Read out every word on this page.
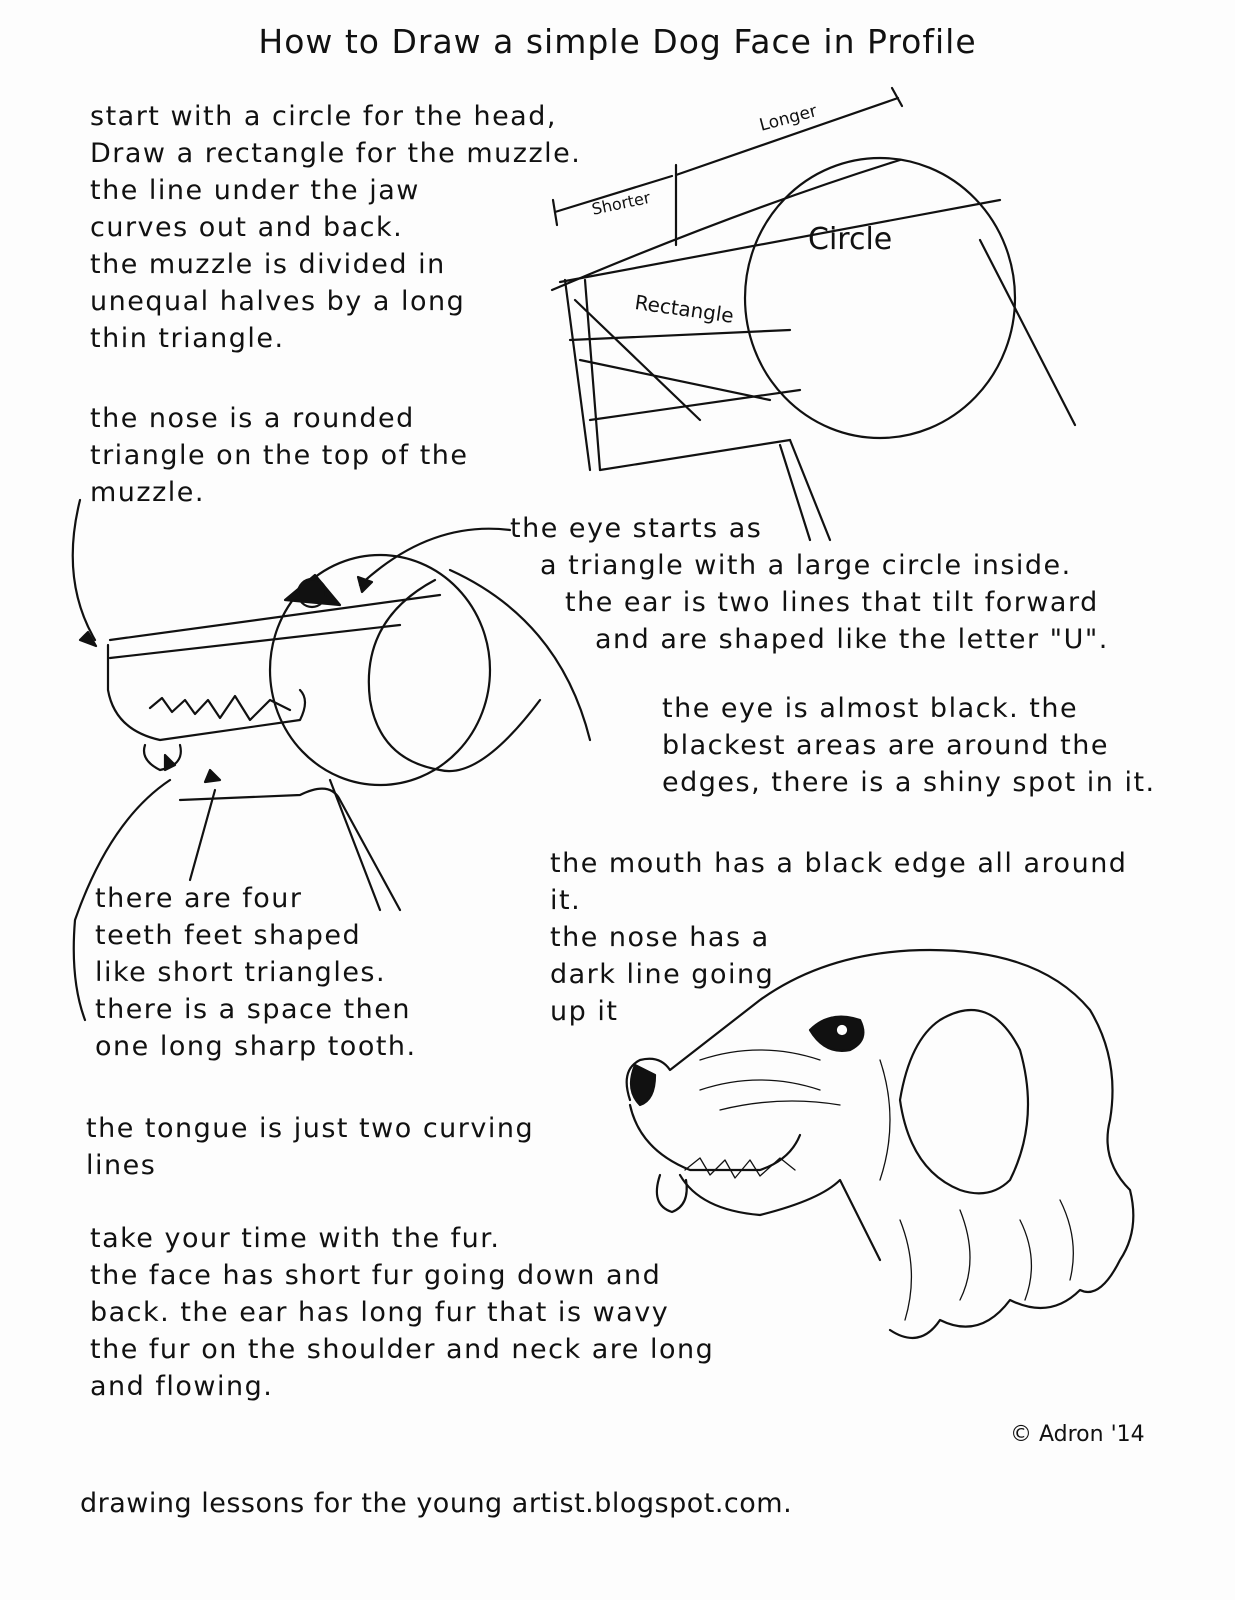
How to Draw a simple Dog Face in Profile
Longer
Shorter
Circle
Rectangle
start with a circle for the head,
Draw a rectangle for the muzzle.
the line under the jaw
curves out and back.
the muzzle is divided in
unequal halves by a long
thin triangle.
the nose is a rounded
triangle on the top of the
muzzle.
the eye starts as
a triangle with a large circle inside.
the ear is two lines that tilt forward
and are shaped like the letter "U".
the eye is almost black. the
blackest areas are around the
edges, there is a shiny spot in it.
the mouth has a black edge all around
it.
the nose has a
dark line going
up it
there are four
teeth feet shaped
like short triangles.
there is a space then
one long sharp tooth.
the tongue is just two curving
lines
take your time with the fur.
the face has short fur going down and
back. the ear has long fur that is wavy
the fur on the shoulder and neck are long
and flowing.
© Adron '14
drawing lessons for the young artist.blogspot.com.
